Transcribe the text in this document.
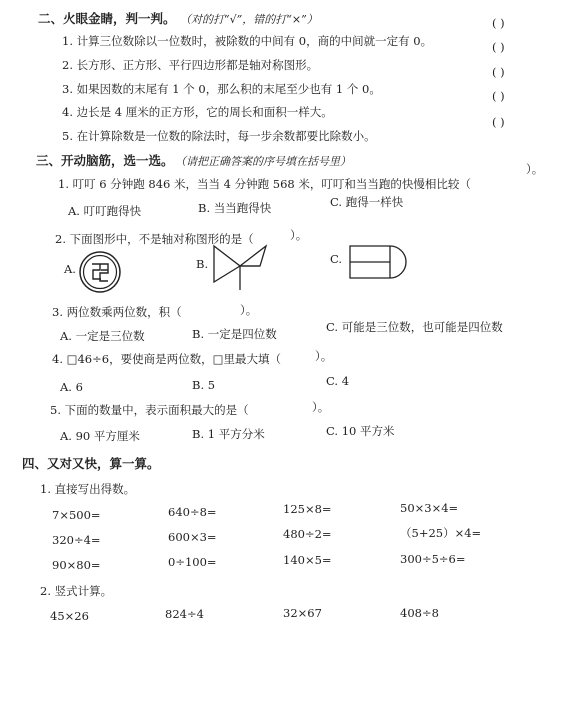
二、火眼金睛，判一判。 （对的打“√”，错的打“×”）
1. 计算三位数除以一位数时，被除数的中间有 0，商的中间就一定有 0。
( )
2. 长方形、正方形、平行四边形都是轴对称图形。
( )
3. 如果因数的末尾有 1 个 0，那么积的末尾至少也有 1 个 0。
( )
4. 边长是 4 厘米的正方形，它的周长和面积一样大。
( )
5. 在计算除数是一位数的除法时，每一步余数都要比除数小。
( )
三、开动脑筋，选一选。 （请把正确答案的序号填在括号里）
1. 叮叮 6 分钟跑 846 米，当当 4 分钟跑 568 米，叮叮和当当跑的快慢相比较（
）。
A. 叮叮跑得快	B. 当当跑得快	C. 跑得一样快
2. 下面图形中，不是轴对称图形的是（	）。
A.	B.	C.
3. 两位数乘两位数，积（	）。
A. 一定是三位数	B. 一定是四位数	C. 可能是三位数，也可能是四位数
4. □46÷6，要使商是两位数，□里最大填（	）。
A. 6	B. 5	C. 4
5. 下面的数量中，表示面积最大的是（	）。
A. 90 平方厘米	B. 1 平方分米	C. 10 平方米
四、又对又快，算一算。
1. 直接写出得数。
7×500=	640÷8=	125×8=	50×3×4=
320÷4=	600×3=	480÷2=	（5+25）×4=
90×80=	0÷100=	140×5=	300÷5÷6=
2. 竖式计算。
45×26	824÷4	32×67	408÷8
